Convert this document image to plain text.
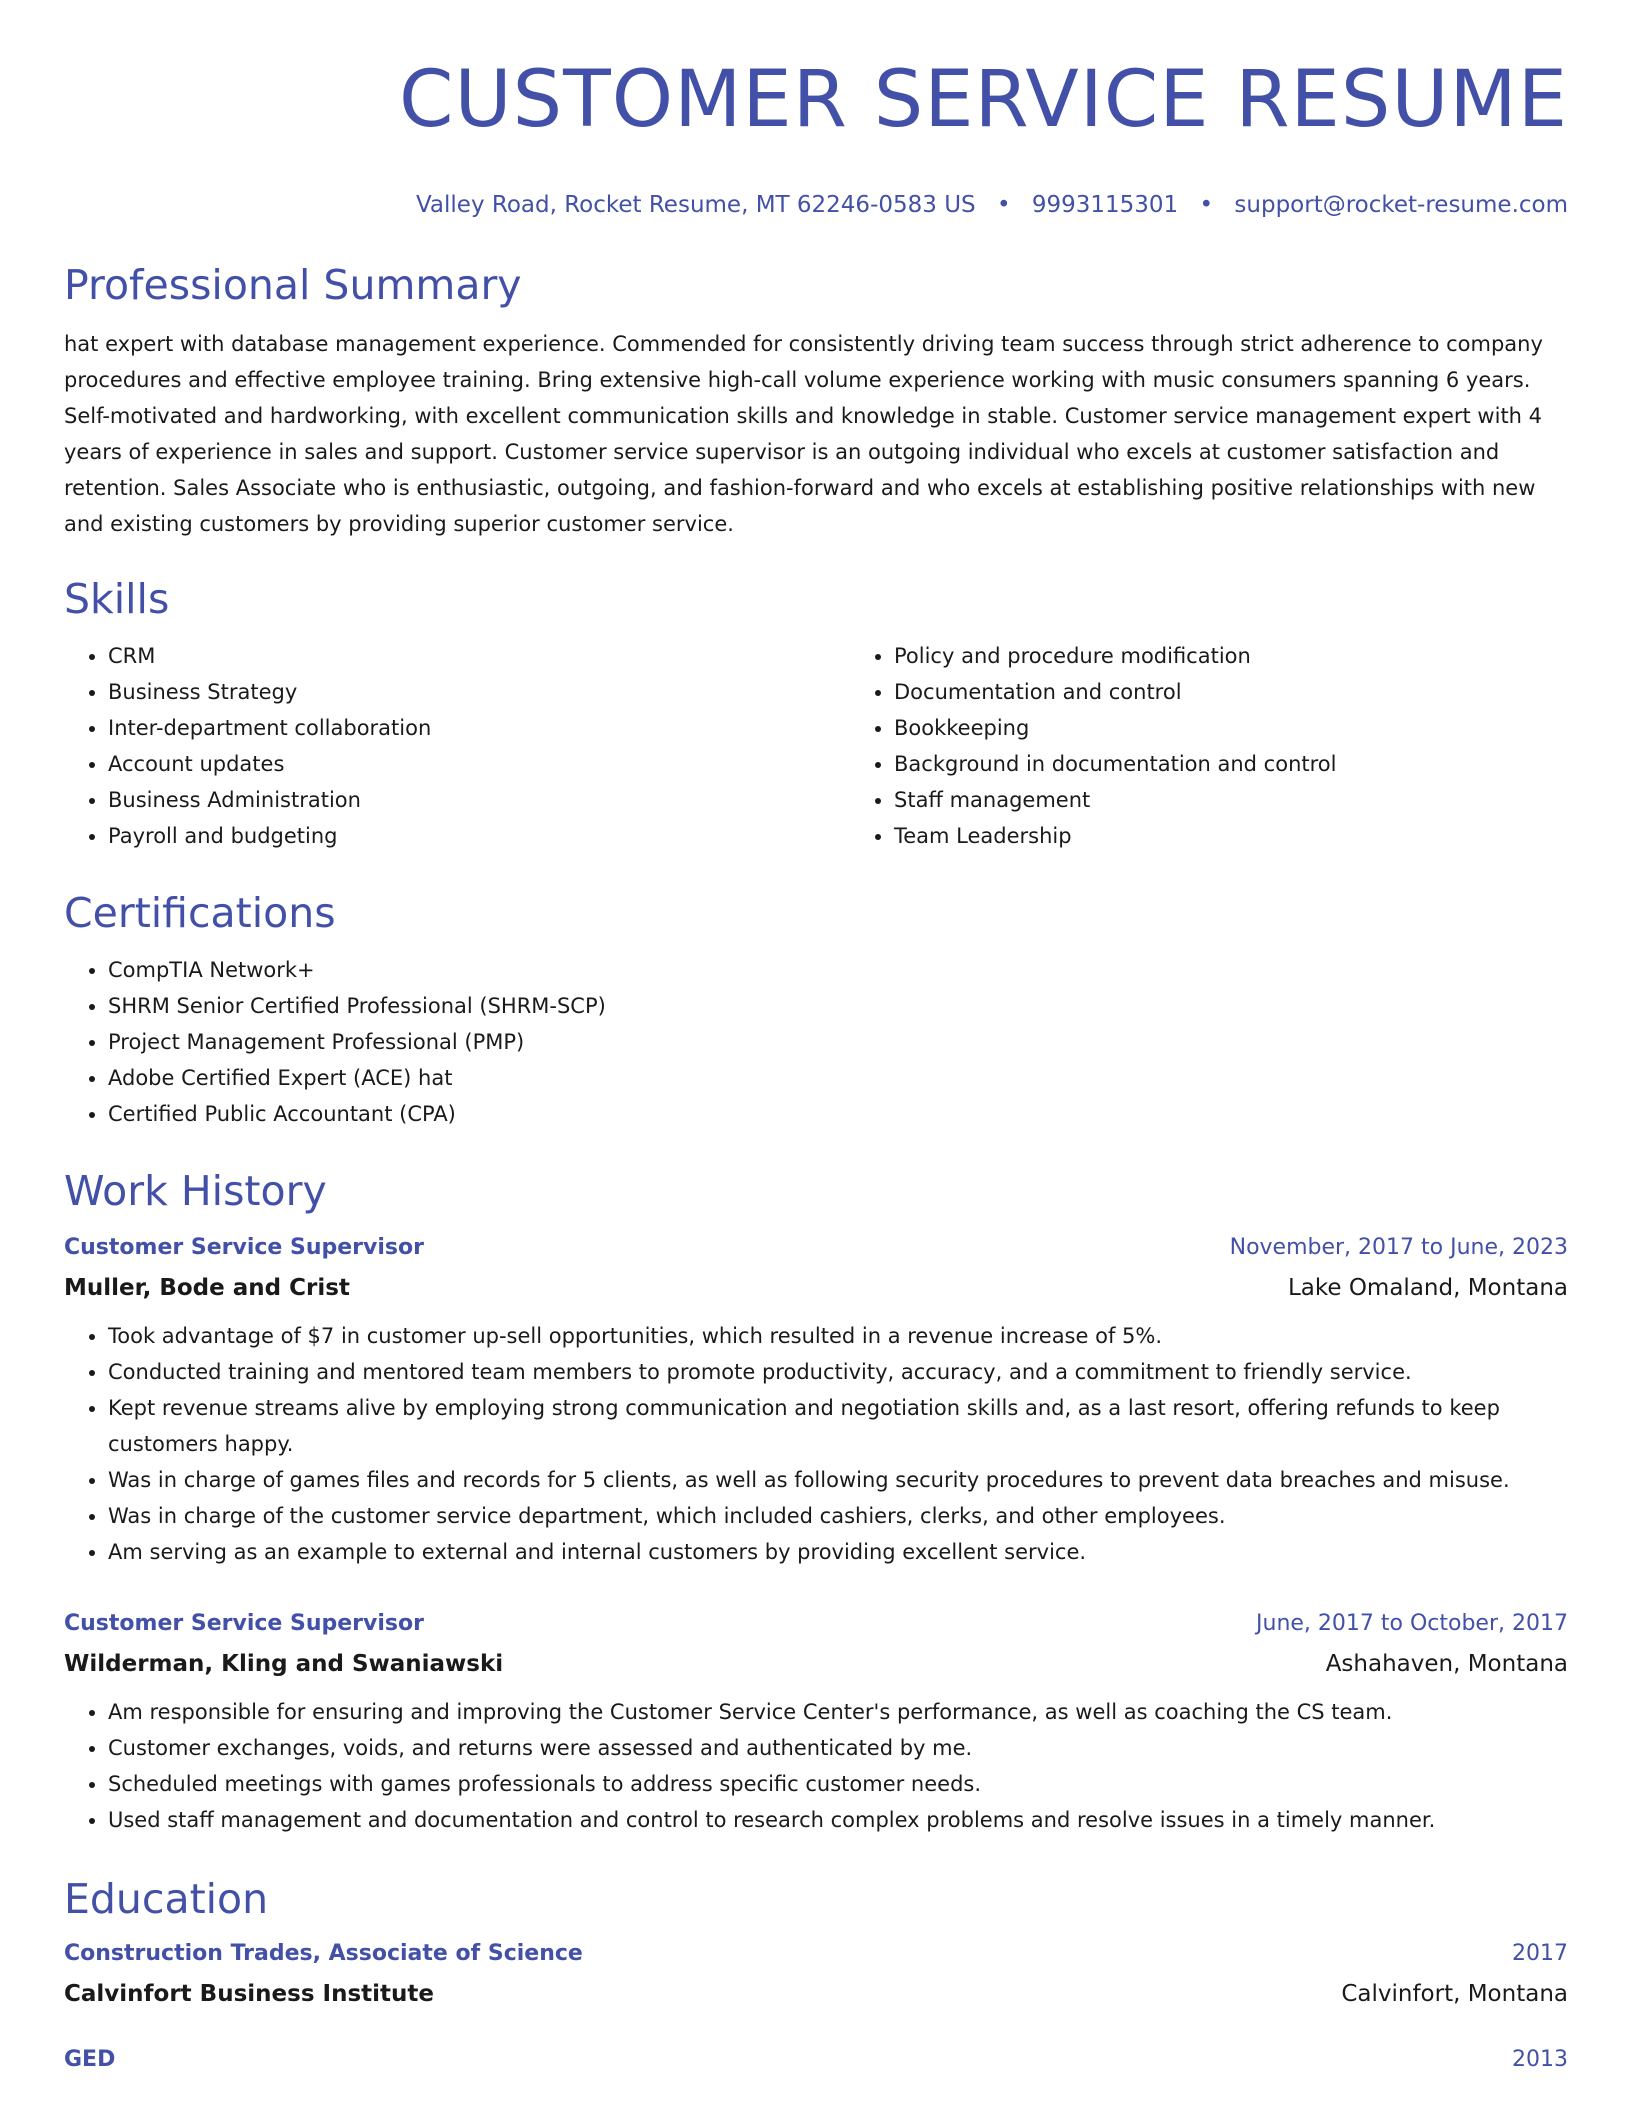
CUSTOMER SERVICE RESUME
Valley Road, Rocket Resume, MT 62246-0583 US • 9993115301 • support@rocket-resume.com
Professional Summary

hat expert with database management experience. Commended for consistently driving team success through strict adherence to company procedures and effective employee training. Bring extensive high-call volume experience working with music consumers spanning 6 years. Self-motivated and hardworking, with excellent communication skills and knowledge in stable. Customer service management expert with 4 years of experience in sales and support. Customer service supervisor is an outgoing individual who excels at customer satisfaction and retention. Sales Associate who is enthusiastic, outgoing, and fashion-forward and who excels at establishing positive relationships with new and existing customers by providing superior customer service.

Skills
• CRM
• Business Strategy
• Inter-department collaboration
• Account updates
• Business Administration
• Payroll and budgeting
• Policy and procedure modification
• Documentation and control
• Bookkeeping
• Background in documentation and control
• Staff management
• Team Leadership
Certifications
• CompTIA Network+
• SHRM Senior Certified Professional (SHRM-SCP)
• Project Management Professional (PMP)
• Adobe Certified Expert (ACE) hat
• Certified Public Accountant (CPA)
Work History
Customer Service Supervisor	November, 2017 to June, 2023
Muller, Bode and Crist	Lake Omaland, Montana
• Took advantage of $7 in customer up-sell opportunities, which resulted in a revenue increase of 5%.
• Conducted training and mentored team members to promote productivity, accuracy, and a commitment to friendly service.
• Kept revenue streams alive by employing strong communication and negotiation skills and, as a last resort, offering refunds to keep customers happy.
• Was in charge of games files and records for 5 clients, as well as following security procedures to prevent data breaches and misuse.
• Was in charge of the customer service department, which included cashiers, clerks, and other employees.
• Am serving as an example to external and internal customers by providing excellent service.
Customer Service Supervisor	June, 2017 to October, 2017
Wilderman, Kling and Swaniawski	Ashahaven, Montana
• Am responsible for ensuring and improving the Customer Service Center's performance, as well as coaching the CS team.
• Customer exchanges, voids, and returns were assessed and authenticated by me.
• Scheduled meetings with games professionals to address specific customer needs.
• Used staff management and documentation and control to research complex problems and resolve issues in a timely manner.
Education
Construction Trades, Associate of Science	2017
Calvinfort Business Institute	Calvinfort, Montana
GED	2013
